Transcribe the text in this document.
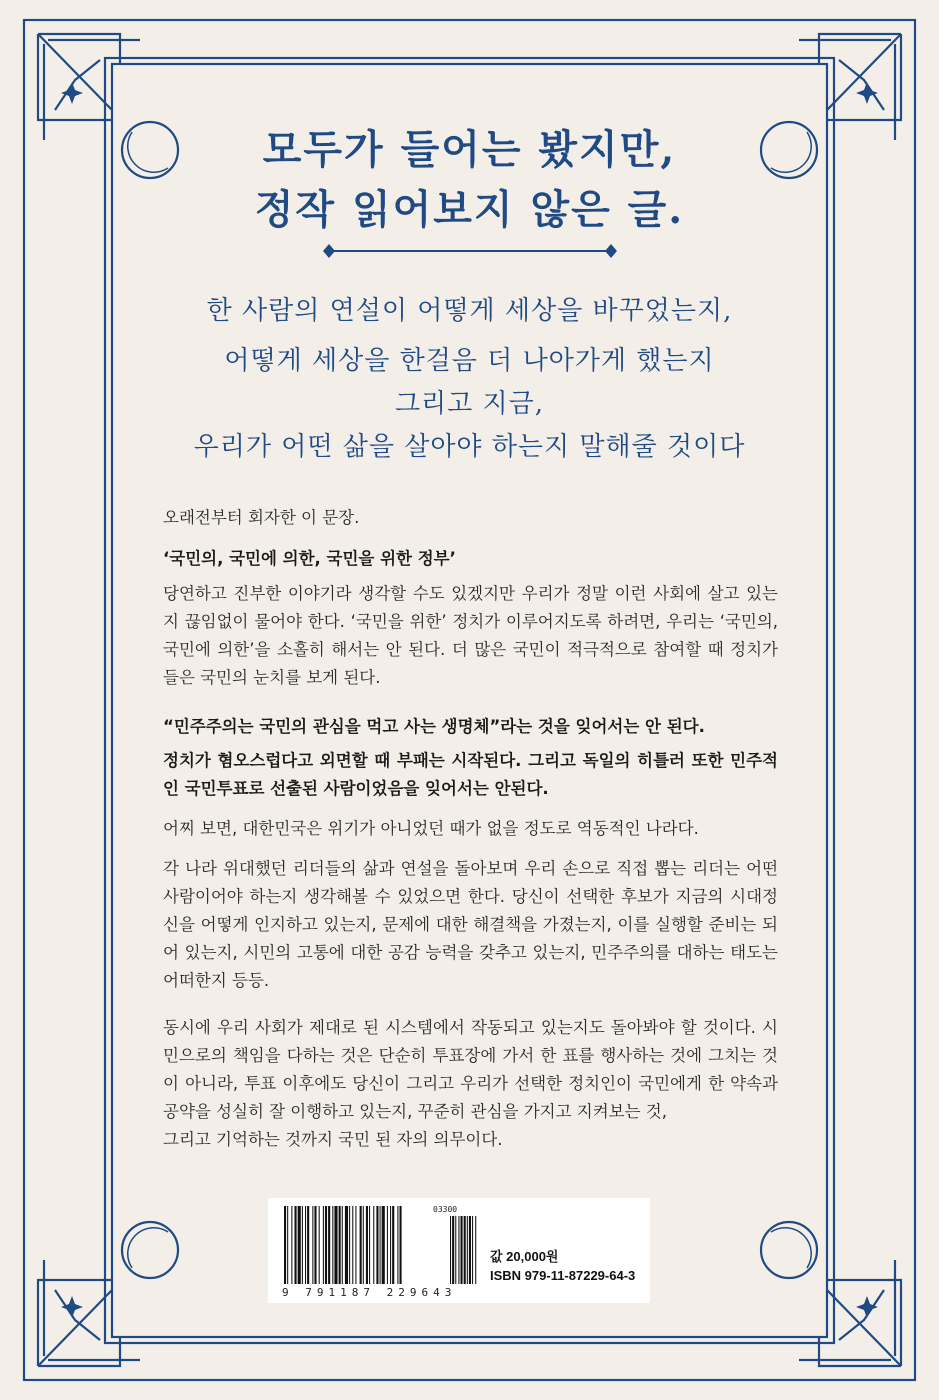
모두가 들어는 봤지만,
정작 읽어보지 않은 글.
한 사람의 연설이 어떻게 세상을 바꾸었는지,
어떻게 세상을 한걸음 더 나아가게 했는지
그리고 지금,
우리가 어떤 삶을 살아야 하는지 말해줄 것이다
오래전부터 회자한 이 문장.
‘국민의, 국민에 의한, 국민을 위한 정부’
당연하고 진부한 이야기라 생각할 수도 있겠지만 우리가 정말 이런 사회에 살고 있는지 끊임없이 물어야 한다. ‘국민을 위한’ 정치가 이루어지도록 하려면, 우리는 ‘국민의, 국민에 의한’을 소홀히 해서는 안 된다. 더 많은 국민이 적극적으로 참여할 때 정치가들은 국민의 눈치를 보게 된다.
“민주주의는 국민의 관심을 먹고 사는 생명체”라는 것을 잊어서는 안 된다.
정치가 혐오스럽다고 외면할 때 부패는 시작된다. 그리고 독일의 히틀러 또한 민주적인 국민투표로 선출된 사람이었음을 잊어서는 안된다.
어찌 보면, 대한민국은 위기가 아니었던 때가 없을 정도로 역동적인 나라다.
각 나라 위대했던 리더들의 삶과 연설을 돌아보며 우리 손으로 직접 뽑는 리더는 어떤 사람이어야 하는지 생각해볼 수 있었으면 한다. 당신이 선택한 후보가 지금의 시대정신을 어떻게 인지하고 있는지, 문제에 대한 해결책을 가졌는지, 이를 실행할 준비는 되어 있는지, 시민의 고통에 대한 공감 능력을 갖추고 있는지, 민주주의를 대하는 태도는 어떠한지 등등.
동시에 우리 사회가 제대로 된 시스템에서 작동되고 있는지도 돌아봐야 할 것이다. 시민으로의 책임을 다하는 것은 단순히 투표장에 가서 한 표를 행사하는 것에 그치는 것이 아니라, 투표 이후에도 당신이 그리고 우리가 선택한 정치인이 국민에게 한 약속과 공약을 성실히 잘 이행하고 있는지, 꾸준히 관심을 가지고 지켜보는 것,
그리고 기억하는 것까지 국민 된 자의 의무이다.
03300
9 791187 229643
값 20,000원
ISBN 979-11-87229-64-3
